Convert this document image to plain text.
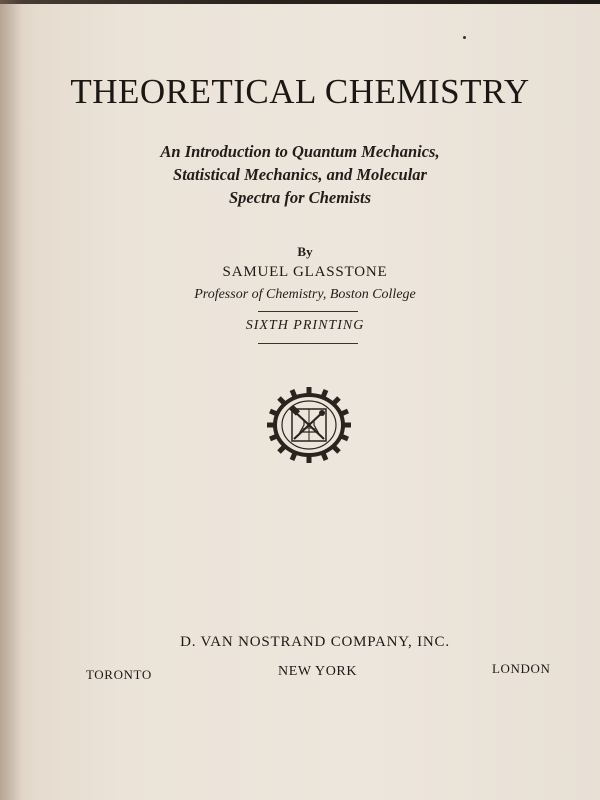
THEORETICAL CHEMISTRY
An Introduction to Quantum Mechanics,
Statistical Mechanics, and Molecular
Spectra for Chemists
By
SAMUEL GLASSTONE
Professor of Chemistry, Boston College
SIXTH PRINTING
D. VAN NOSTRAND COMPANY, INC.
TORONTO	NEW YORK	LONDON
